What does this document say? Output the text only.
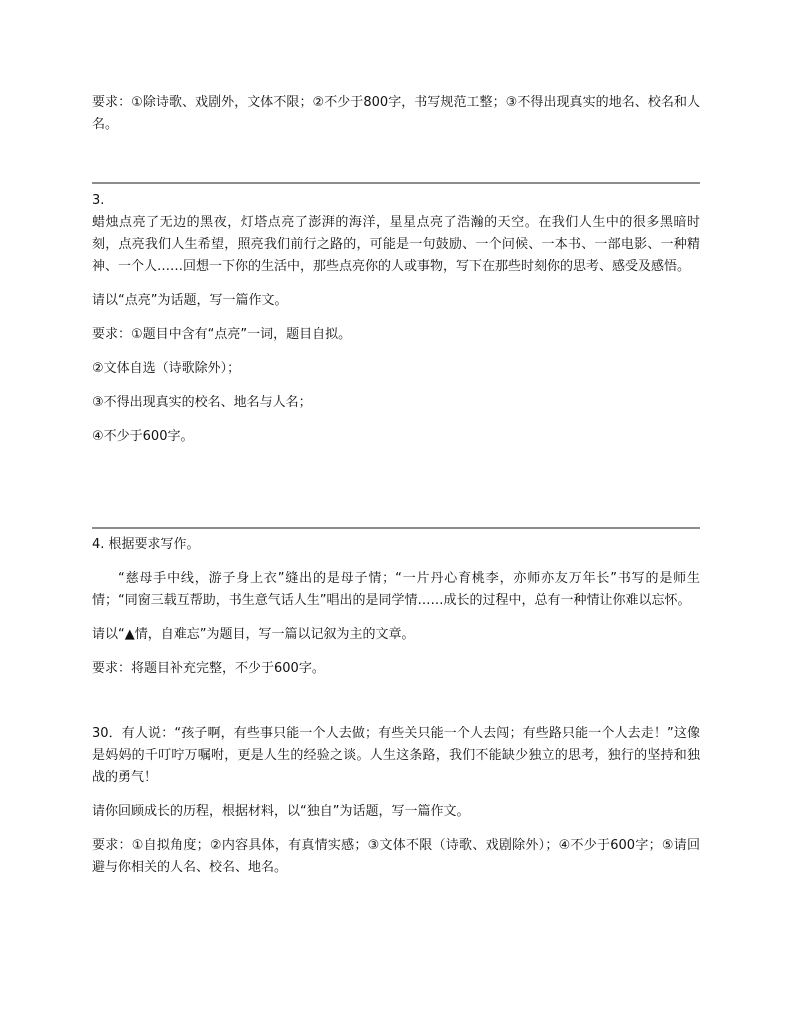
要求：①除诗歌、戏剧外，文体不限；②不少于800字，书写规范工整；③不得出现真实的地名、校名和人名。

3.

蜡烛点亮了无边的黑夜，灯塔点亮了澎湃的海洋，星星点亮了浩瀚的天空。在我们人生中的很多黑暗时刻，点亮我们人生希望，照亮我们前行之路的，可能是一句鼓励、一个问候、一本书、一部电影、一种精神、一个人……回想一下你的生活中，那些点亮你的人或事物，写下在那些时刻你的思考、感受及感悟。

请以“点亮”为话题，写一篇作文。

要求：①题目中含有“点亮”一词，题目自拟。

②文体自选（诗歌除外）；

③不得出现真实的校名、地名与人名；

④不少于600字。

4. 根据要求写作。

“慈母手中线，游子身上衣”缝出的是母子情；“一片丹心育桃李，亦师亦友万年长”书写的是师生情；“同窗三载互帮助，书生意气话人生”唱出的是同学情……成长的过程中，总有一种情让你难以忘怀。

请以“▲情，自难忘”为题目，写一篇以记叙为主的文章。

要求：将题目补充完整，不少于600字。

30．有人说：“孩子啊，有些事只能一个人去做；有些关只能一个人去闯；有些路只能一个人去走！”这像是妈妈的千叮咛万嘱咐，更是人生的经验之谈。人生这条路，我们不能缺少独立的思考，独行的坚持和独战的勇气！

请你回顾成长的历程，根据材料，以“独自”为话题，写一篇作文。

要求：①自拟角度；②内容具体，有真情实感；③文体不限（诗歌、戏剧除外）；④不少于600字；⑤请回避与你相关的人名、校名、地名。
